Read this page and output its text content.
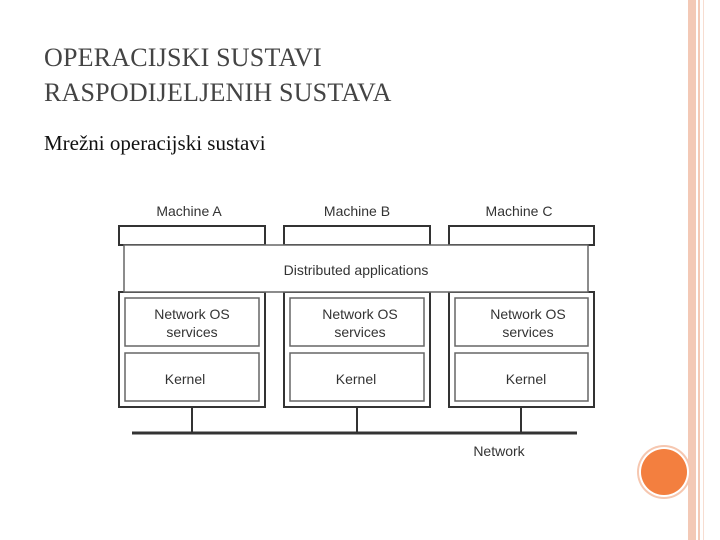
OPERACIJSKI SUSTAVI
RASPODIJELJENIH SUSTAVA
Mrežni operacijski sustavi
Machine A	Machine B	Machine C
Distributed applications
Network OS
services
Network OS
services
Network OS
services
Kernel	Kernel	Kernel
Network
